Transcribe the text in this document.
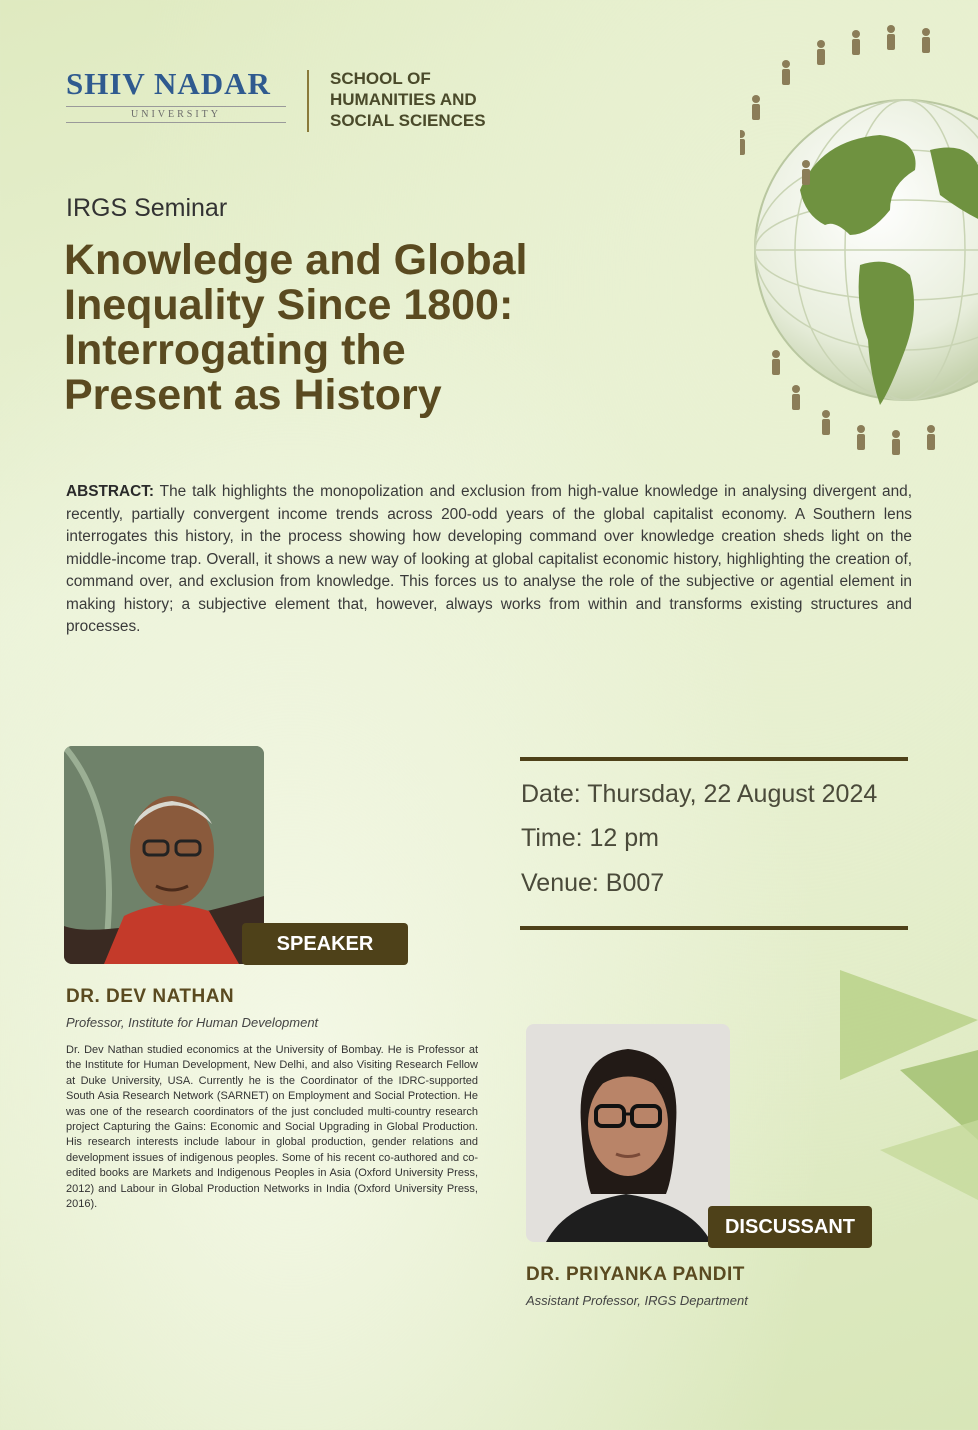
SHIV NADAR
UNIVERSITY
SCHOOL OF
HUMANITIES AND
SOCIAL SCIENCES
IRGS Seminar
Knowledge and Global
Inequality Since 1800:
Interrogating the
Present as History
ABSTRACT: The talk highlights the monopolization and exclusion from high-value knowledge in analysing divergent and, recently, partially convergent income trends across 200-odd years of the global capitalist economy. A Southern lens interrogates this history, in the process showing how developing command over knowledge creation sheds light on the middle-income trap. Overall, it shows a new way of looking at global capitalist economic history, highlighting the creation of, command over, and exclusion from knowledge. This forces us to analyse the role of the subjective or agential element in making history; a subjective element that, however, always works from within and transforms existing structures and processes.
SPEAKER
DR. DEV NATHAN
Professor, Institute for Human Development
Dr. Dev Nathan studied economics at the University of Bombay. He is Professor at the Institute for Human Development, New Delhi, and also Visiting Research Fellow at Duke University, USA. Currently he is the Coordinator of the IDRC-supported South Asia Research Network (SARNET) on Employment and Social Protection. He was one of the research coordinators of the just concluded multi-country research project Capturing the Gains: Economic and Social Upgrading in Global Production. His research interests include labour in global production, gender relations and development issues of indigenous peoples. Some of his recent co-authored and co-edited books are Markets and Indigenous Peoples in Asia (Oxford University Press, 2012) and Labour in Global Production Networks in India (Oxford University Press, 2016).
Date: Thursday, 22 August 2024
Time: 12 pm
Venue: B007
DISCUSSANT
DR. PRIYANKA PANDIT
Assistant Professor, IRGS Department
